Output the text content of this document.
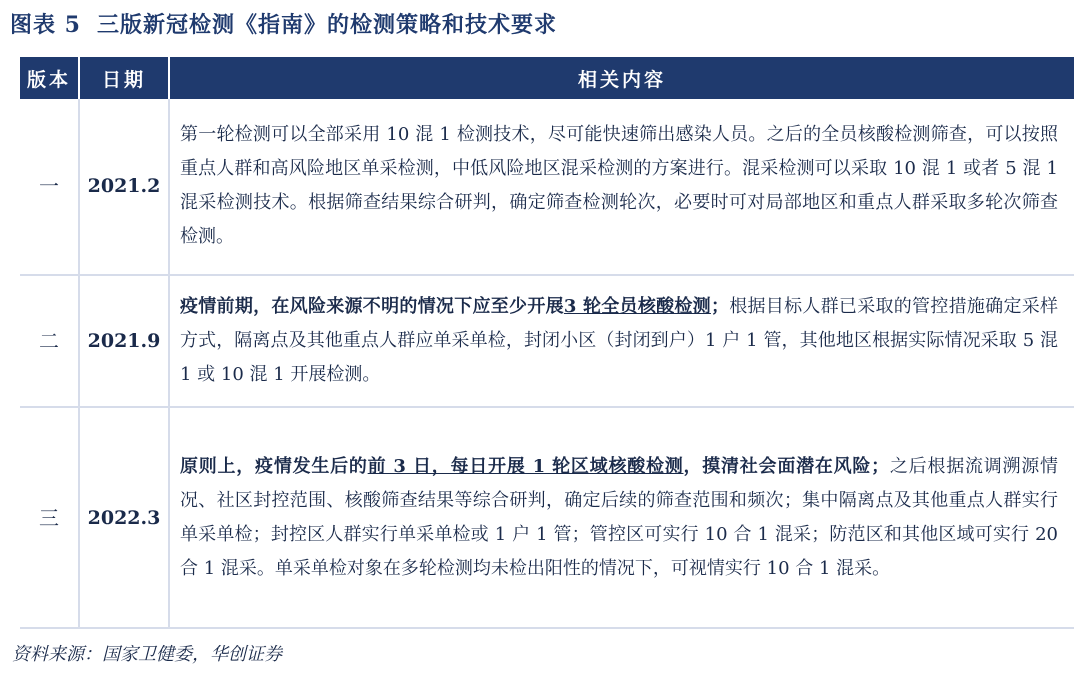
图表 5 三版新冠检测《指南》的检测策略和技术要求
版本	日期	相关内容
一	2021.2	第一轮检测可以全部采用 10 混 1 检测技术，尽可能快速筛出感染人员。之后的全员核酸检测筛查，可以按照重点人群和高风险地区单采检测，中低风险地区混采检测的方案进行。混采检测可以采取 10 混 1 或者 5 混 1 混采检测技术。根据筛查结果综合研判，确定筛查检测轮次，必要时可对局部地区和重点人群采取多轮次筛查检测。
二	2021.9	疫情前期，在风险来源不明的情况下应至少开展3 轮全员核酸检测；根据目标人群已采取的管控措施确定采样方式，隔离点及其他重点人群应单采单检，封闭小区（封闭到户）1 户 1 管，其他地区根据实际情况采取 5 混 1 或 10 混 1 开展检测。
三	2022.3	原则上，疫情发生后的前 3 日，每日开展 1 轮区域核酸检测，摸清社会面潜在风险；之后根据流调溯源情况、社区封控范围、核酸筛查结果等综合研判，确定后续的筛查范围和频次；集中隔离点及其他重点人群实行单采单检；封控区人群实行单采单检或 1 户 1 管；管控区可实行 10 合 1 混采；防范区和其他区域可实行 20 合 1 混采。单采单检对象在多轮检测均未检出阳性的情况下，可视情实行 10 合 1 混采。
资料来源：国家卫健委，华创证券
